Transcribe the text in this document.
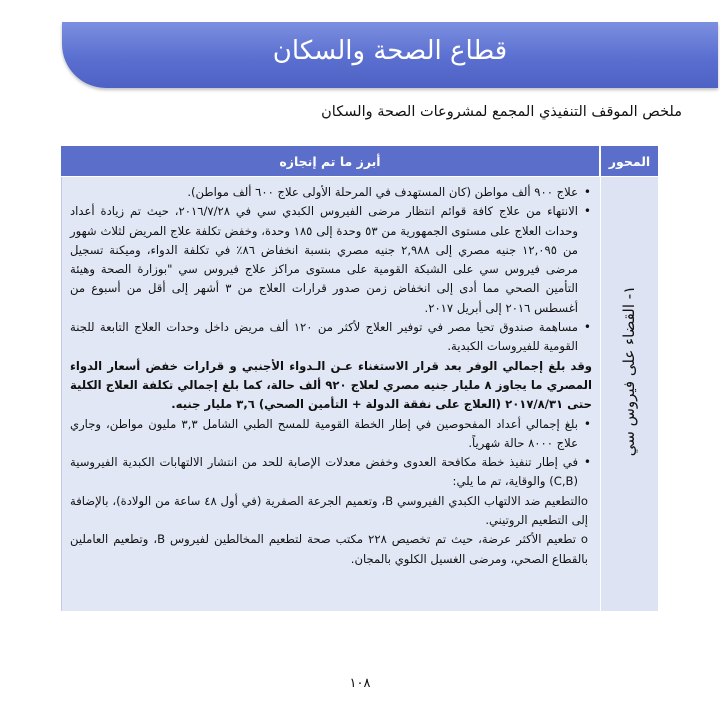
قطاع الصحة والسكان
ملخص الموقف التنفيذي المجمع لمشروعات الصحة والسكان
المحور
أبرز ما تم إنجازه
١- القضاء على فيروس سي
• علاج ٩٠٠ ألف مواطن (كان المستهدف في المرحلة الأولى علاج ٦٠٠ ألف مواطن).
• الانتهاء من علاج كافة قوائم انتظار مرضى الفيروس الكبدي سي في ٢٠١٦/٧/٢٨، حيث تم زيادة أعداد وحدات العلاج على مستوى الجمهورية من ٥٣ وحدة إلى ١٨٥ وحدة، وخفض تكلفة علاج المريض لثلاث شهور من ١٢,٠٩٥ جنيه مصري إلى ٢,٩٨٨ جنيه مصري بنسبة انخفاض ٨٦٪ في تكلفة الدواء، وميكنة تسجيل مرضى فيروس سي على الشبكة القومية على مستوى مراكز علاج فيروس سي "بوزارة الصحة وهيئة التأمين الصحي مما أدى إلى انخفاض زمن صدور قرارات العلاج من ٣ أشهر إلى أقل من أسبوع من أغسطس ٢٠١٦ إلى أبريل ٢٠١٧.
• مساهمة صندوق تحيا مصر في توفير العلاج لأكثر من ١٢٠ ألف مريض داخل وحدات العلاج التابعة للجنة القومية للفيروسات الكبدية.

وقد بلغ إجمالي الوفر بعد قرار الاستغناء عـن الـدواء الأجنبي و قرارات خفض أسعار الدواء المصري ما يجاوز ٨ مليار جنيه مصري لعلاج ٩٢٠ ألف حالة، كما بلغ إجمالي تكلفة العلاج الكلية حتى ٢٠١٧/٨/٣١ (العلاج على نفقة الدولة + التأمين الصحي) ٣,٦ مليار جنيه.

• بلغ إجمالي أعداد المفحوصين في إطار الخطة القومية للمسح الطبي الشامل ٣,٣ مليون مواطن، وجاري علاج ٨٠٠٠ حالة شهرياً.
• في إطار تنفيذ خطة مكافحة العدوى وخفض معدلات الإصابة للحد من انتشار الالتهابات الكبدية الفيروسية (C,B) والوقاية، تم ما يلي:

oالتطعيم ضد الالتهاب الكبدي الفيروسي B، وتعميم الجرعة الصفرية (في أول ٤٨ ساعة من الولادة)، بالإضافة إلى التطعيم الروتيني.

o تطعيم الأكثر عرضة، حيث تم تخصيص ٢٢٨ مكتب صحة لتطعيم المخالطين لفيروس B، وتطعيم العاملين بالقطاع الصحي، ومرضى الغسيل الكلوي بالمجان.

١٠٨
